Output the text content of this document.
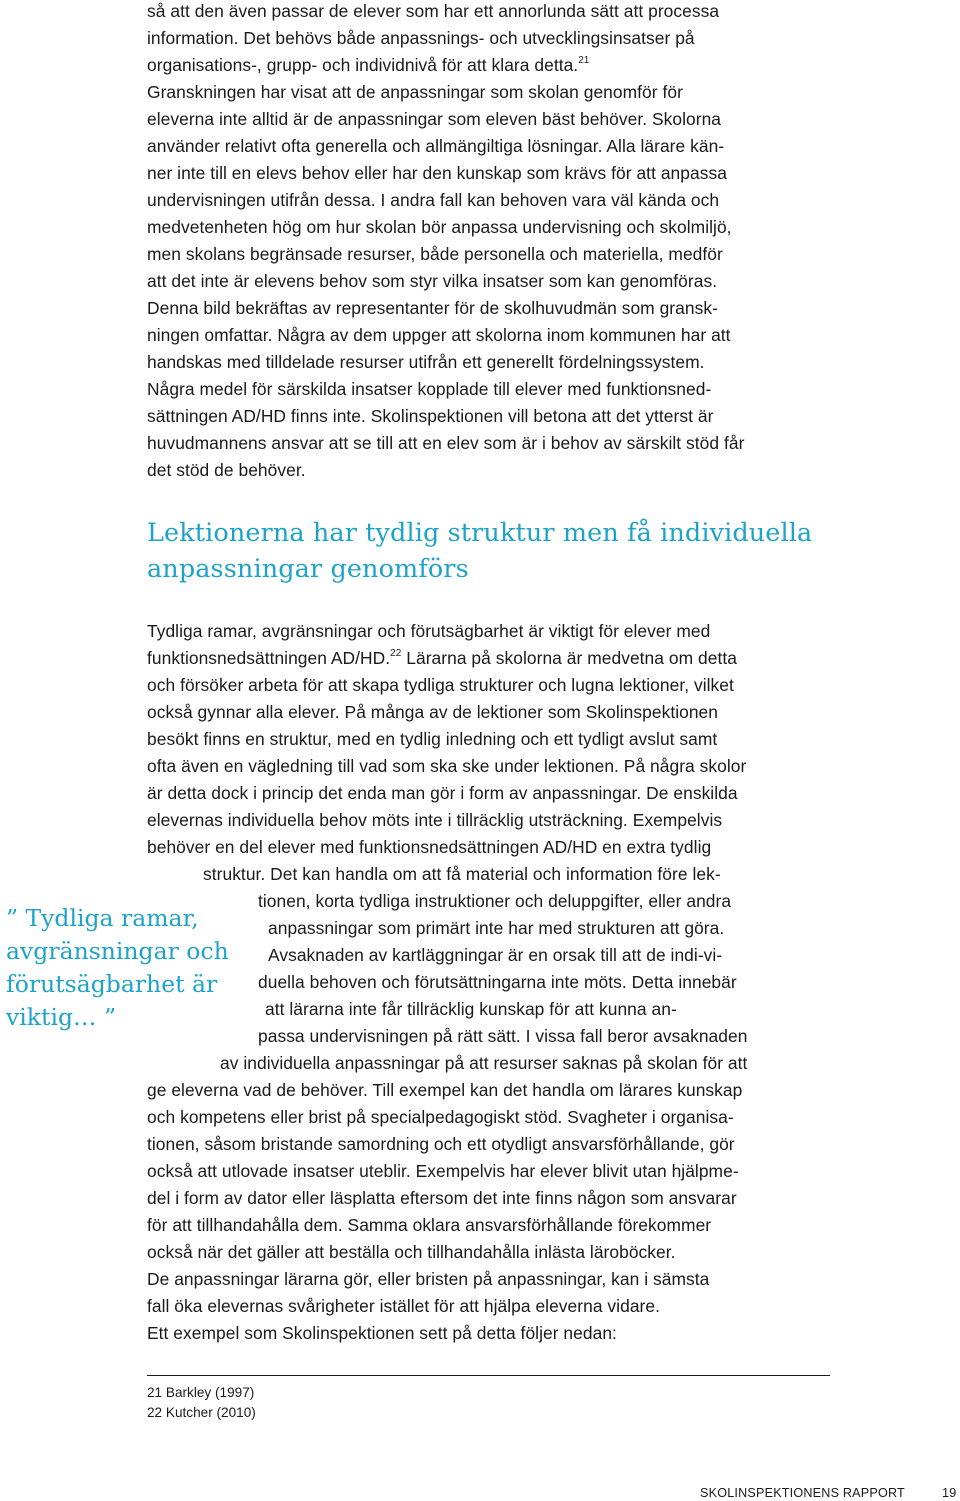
så att den även passar de elever som har ett annorlunda sätt att processa
information. Det behövs både anpassnings- och utvecklingsinsatser på
organisations-, grupp- och individnivå för att klara detta.$^{21}$
Granskningen har visat att de anpassningar som skolan genomför för
eleverna inte alltid är de anpassningar som eleven bäst behöver. Skolorna
använder relativt ofta generella och allmängiltiga lösningar. Alla lärare kän-
ner inte till en elevs behov eller har den kunskap som krävs för att anpassa
undervisningen utifrån dessa. I andra fall kan behoven vara väl kända och
medvetenheten hög om hur skolan bör anpassa undervisning och skolmiljö,
men skolans begränsade resurser, både personella och materiella, medför
att det inte är elevens behov som styr vilka insatser som kan genomföras.
Denna bild bekräftas av representanter för de skolhuvudmän som gransk-
ningen omfattar. Några av dem uppger att skolorna inom kommunen har att
handskas med tilldelade resurser utifrån ett generellt fördelningssystem.
Några medel för särskilda insatser kopplade till elever med funktionsned-
sättningen AD/HD finns inte. Skolinspektionen vill betona att det ytterst är
huvudmannens ansvar att se till att en elev som är i behov av särskilt stöd får
det stöd de behöver.
Lektionerna har tydlig struktur men få individuella
anpassningar genomförs
” Tydliga ramar,
avgränsningar och
förutsägbarhet är
viktig… ”
Tydliga ramar, avgränsningar och förutsägbarhet är viktigt för elever med
funktionsnedsättningen AD/HD.$^{22}$ Lärarna på skolorna är medvetna om detta
och försöker arbeta för att skapa tydliga strukturer och lugna lektioner, vilket
också gynnar alla elever. På många av de lektioner som Skolinspektionen
besökt finns en struktur, med en tydlig inledning och ett tydligt avslut samt
ofta även en vägledning till vad som ska ske under lektionen. På några skolor
är detta dock i princip det enda man gör i form av anpassningar. De enskilda
elevernas individuella behov möts inte i tillräcklig utsträckning. Exempelvis
behöver en del elever med funktionsnedsättningen AD/HD en extra tydlig
struktur. Det kan handla om att få material och information före lek-
tionen, korta tydliga instruktioner och deluppgifter, eller andra
anpassningar som primärt inte har med strukturen att göra.
Avsaknaden av kartläggningar är en orsak till att de indi-vi-
duella behoven och förutsättningarna inte möts. Detta innebär
att lärarna inte får tillräcklig kunskap för att kunna an-
passa undervisningen på rätt sätt. I vissa fall beror avsaknaden
av individuella anpassningar på att resurser saknas på skolan för att
ge eleverna vad de behöver. Till exempel kan det handla om lärares kunskap
och kompetens eller brist på specialpedagogiskt stöd. Svagheter i organisa-
tionen, såsom bristande samordning och ett otydligt ansvarsförhållande, gör
också att utlovade insatser uteblir. Exempelvis har elever blivit utan hjälpme-
del i form av dator eller läsplatta eftersom det inte finns någon som ansvarar
för att tillhandahålla dem. Samma oklara ansvarsförhållande förekommer
också när det gäller att beställa och tillhandahålla inlästa läroböcker.
De anpassningar lärarna gör, eller bristen på anpassningar, kan i sämsta
fall öka elevernas svårigheter istället för att hjälpa eleverna vidare.
Ett exempel som Skolinspektionen sett på detta följer nedan:
21 Barkley (1997)
22 Kutcher (2010)
SKOLINSPEKTIONENS RAPPORT	19
